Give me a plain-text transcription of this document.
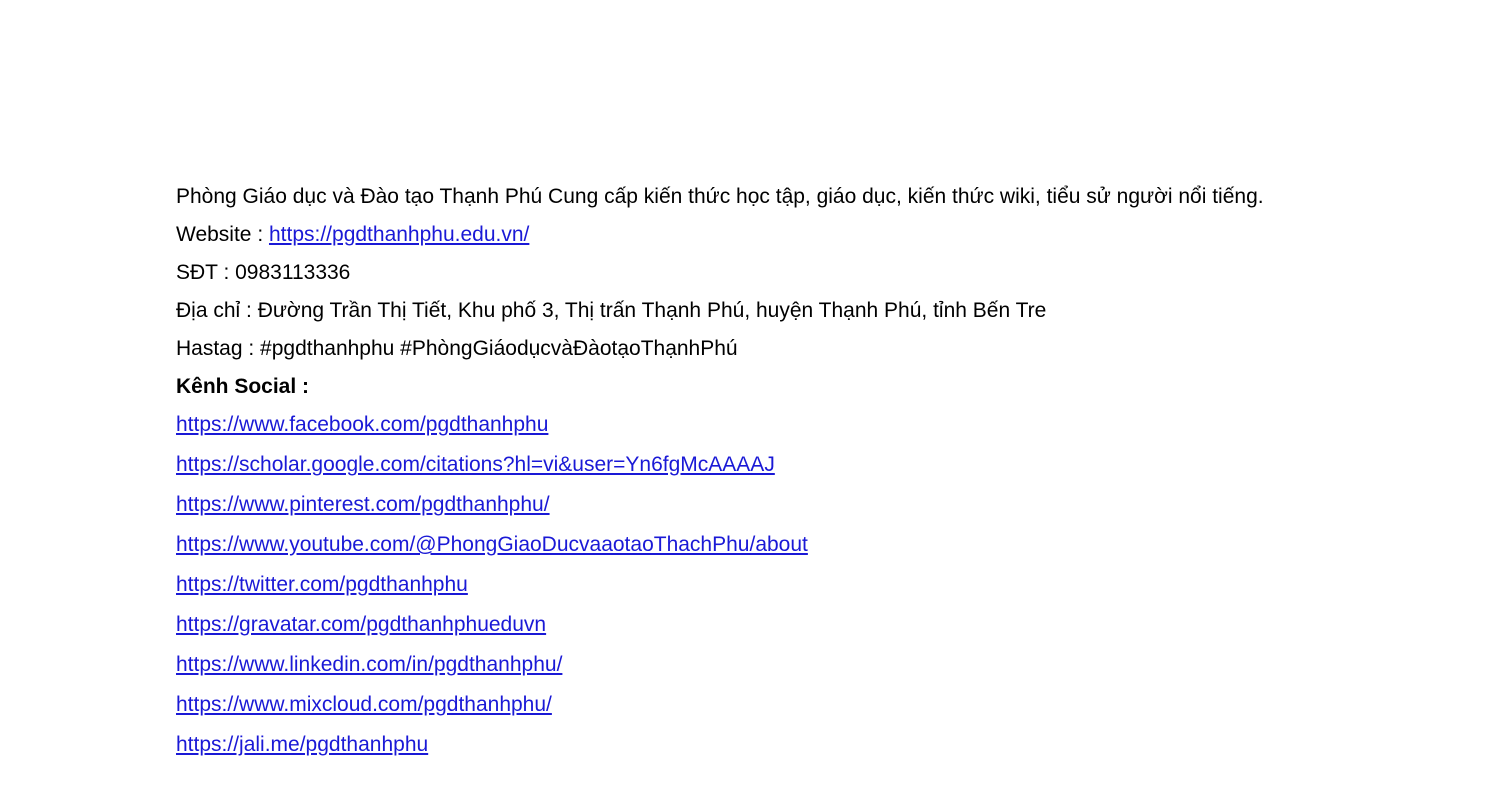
Phòng Giáo dục và Đào tạo Thạnh Phú Cung cấp kiến thức học tập, giáo dục, kiến thức wiki, tiểu sử người nổi tiếng.

Website : https://pgdthanhphu.edu.vn/
SĐT : 0983113336
Địa chỉ : Đường Trần Thị Tiết, Khu phố 3, Thị trấn Thạnh Phú, huyện Thạnh Phú, tỉnh Bến Tre
Hastag : #pgdthanhphu #PhòngGiáodụcvàĐàotạoThạnhPhú
Kênh Social :
https://www.facebook.com/pgdthanhphu
https://scholar.google.com/citations?hl=vi&user=Yn6fgMcAAAAJ
https://www.pinterest.com/pgdthanhphu/
https://www.youtube.com/@PhongGiaoDucvaaotaoThachPhu/about
https://twitter.com/pgdthanhphu
https://gravatar.com/pgdthanhphueduvn
https://www.linkedin.com/in/pgdthanhphu/
https://www.mixcloud.com/pgdthanhphu/
https://jali.me/pgdthanhphu
